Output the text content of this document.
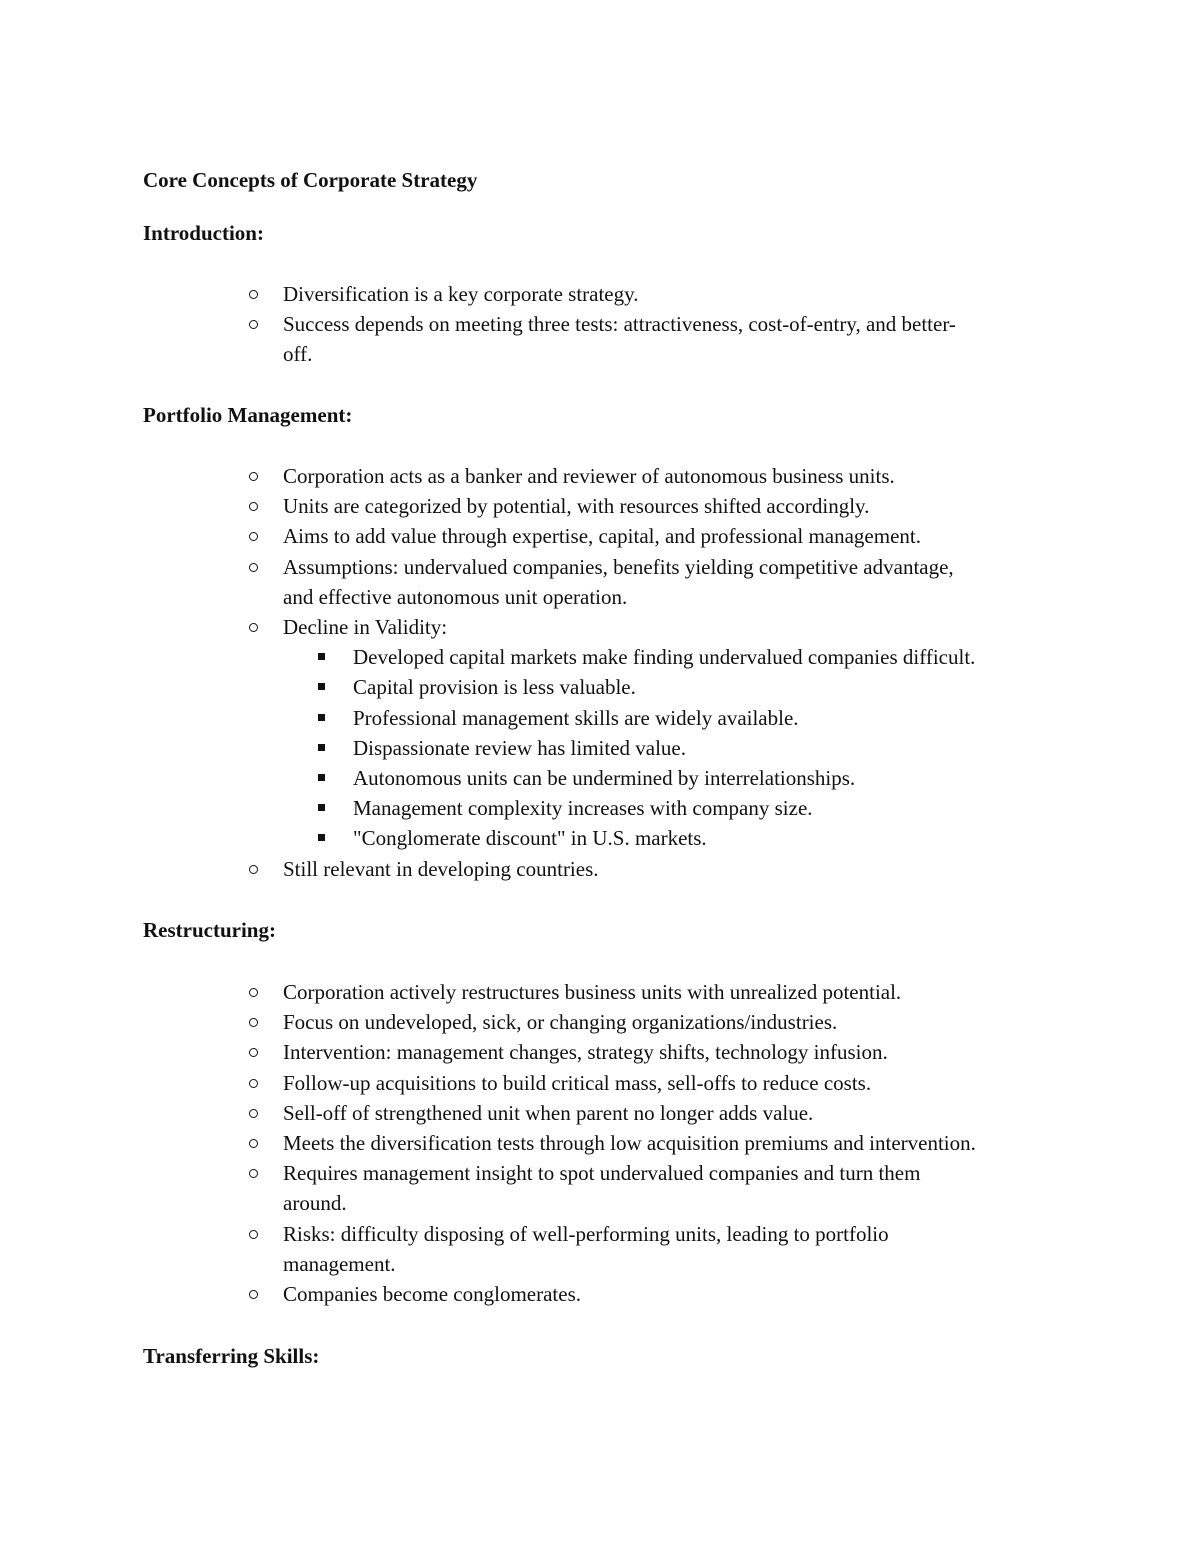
Core Concepts of Corporate Strategy
Introduction:
Diversification is a key corporate strategy.
Success depends on meeting three tests: attractiveness, cost-of-entry, and better-
off.
Portfolio Management:
Corporation acts as a banker and reviewer of autonomous business units.
Units are categorized by potential, with resources shifted accordingly.
Aims to add value through expertise, capital, and professional management.
Assumptions: undervalued companies, benefits yielding competitive advantage,
and effective autonomous unit operation.
Decline in Validity:
Developed capital markets make finding undervalued companies difficult.
Capital provision is less valuable.
Professional management skills are widely available.
Dispassionate review has limited value.
Autonomous units can be undermined by interrelationships.
Management complexity increases with company size.
"Conglomerate discount" in U.S. markets.
Still relevant in developing countries.
Restructuring:
Corporation actively restructures business units with unrealized potential.
Focus on undeveloped, sick, or changing organizations/industries.
Intervention: management changes, strategy shifts, technology infusion.
Follow-up acquisitions to build critical mass, sell-offs to reduce costs.
Sell-off of strengthened unit when parent no longer adds value.
Meets the diversification tests through low acquisition premiums and intervention.
Requires management insight to spot undervalued companies and turn them
around.
Risks: difficulty disposing of well-performing units, leading to portfolio
management.
Companies become conglomerates.
Transferring Skills:
